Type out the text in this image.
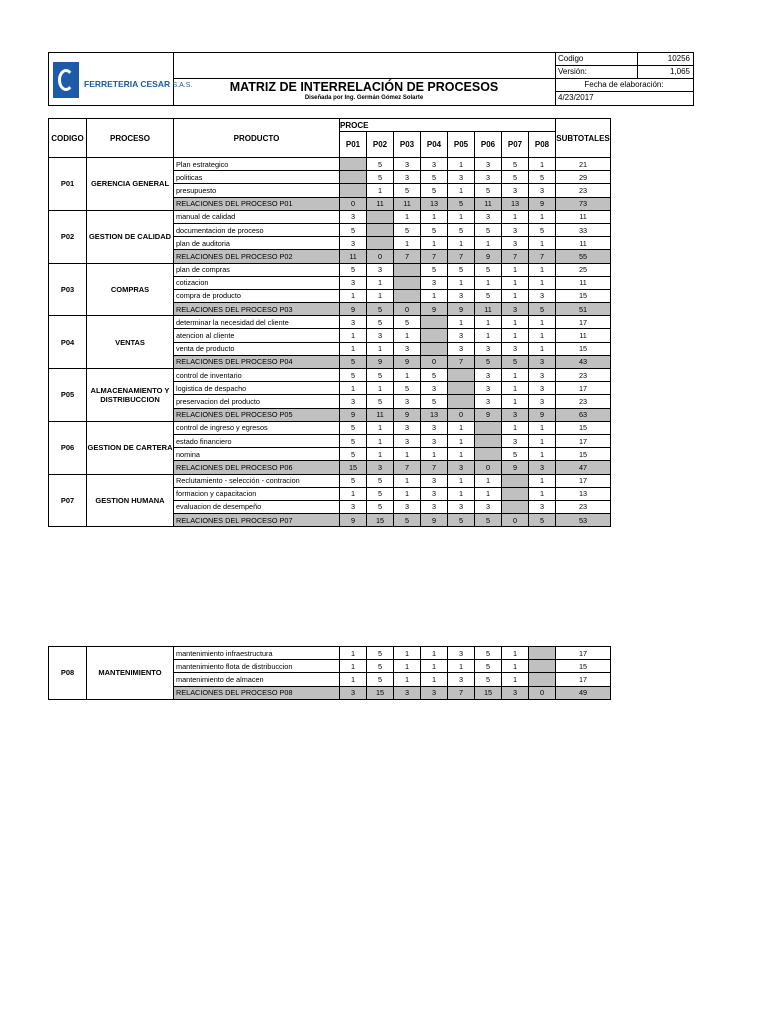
FERRETERIA CESAR S.A.S.	MATRIZ DE INTERRELACIÓN DE PROCESOS
Diseñada por Ing. Germán Gómez Solarte
Codigo	10256
Versión:	1,065
Fecha de elaboración:
4/23/2017
CODIGO	PROCESO	PRODUCTO	PROCE								SUBTOTALES
			P01	P02	P03	P04	P05	P06	P07	P08	
P01	GERENCIA GENERAL	Plan estrategico		5	3	3	1	3	5	1	21
		politicas		5	3	5	3	3	5	5	29
		presupuesto		1	5	5	1	5	3	3	23
		RELACIONES DEL PROCESO P01	0	11	11	13	5	11	13	9	73
P02	GESTION DE CALIDAD	manual de calidad	3		1	1	1	3	1	1	11
		documentacion de proceso	5		5	5	5	5	3	5	33
		plan de auditoria	3		1	1	1	1	3	1	11
		RELACIONES DEL PROCESO P02	11	0	7	7	7	9	7	7	55
P03	COMPRAS	plan de compras	5	3		5	5	5	1	1	25
		cotizacion	3	1		3	1	1	1	1	11
		compra de producto	1	1		1	3	5	1	3	15
		RELACIONES DEL PROCESO P03	9	5	0	9	9	11	3	5	51
P04	VENTAS	determinar la necesidad del cliente	3	5	5		1	1	1	1	17
		atencion al cliente	1	3	1		3	1	1	1	11
		venta de producto	1	1	3		3	3	3	1	15
		RELACIONES DEL PROCESO P04	5	9	9	0	7	5	5	3	43
P05	ALMACENAMIENTO Y DISTRIBUCCION	control de inventario	5	5	1	5		3	1	3	23
		logistica de despacho	1	1	5	3		3	1	3	17
		preservacion del producto	3	5	3	5		3	1	3	23
		RELACIONES DEL PROCESO P05	9	11	9	13	0	9	3	9	63
P06	GESTION DE CARTERA	control de ingreso y egresos	5	1	3	3	1		1	1	15
		estado financiero	5	1	3	3	1		3	1	17
		nomina	5	1	1	1	1		5	1	15
		RELACIONES DEL PROCESO P06	15	3	7	7	3	0	9	3	47
P07	GESTION HUMANA	Reclutamiento - selección - contracion	5	5	1	3	1	1		1	17
		formacion y capacitacion	1	5	1	3	1	1		1	13
		evaluacion de desempeño	3	5	3	3	3	3		3	23
		RELACIONES DEL PROCESO P07	9	15	5	9	5	5	0	5	53
P08	MANTENIMIENTO	mantenimiento infraestructura	1	5	1	1	3	5	1		17
		mantenimiento flota de distribuccion	1	5	1	1	1	5	1		15
		mantenimiento de almacen	1	5	1	1	3	5	1		17
		RELACIONES DEL PROCESO P08	3	15	3	3	7	15	3	0	49
